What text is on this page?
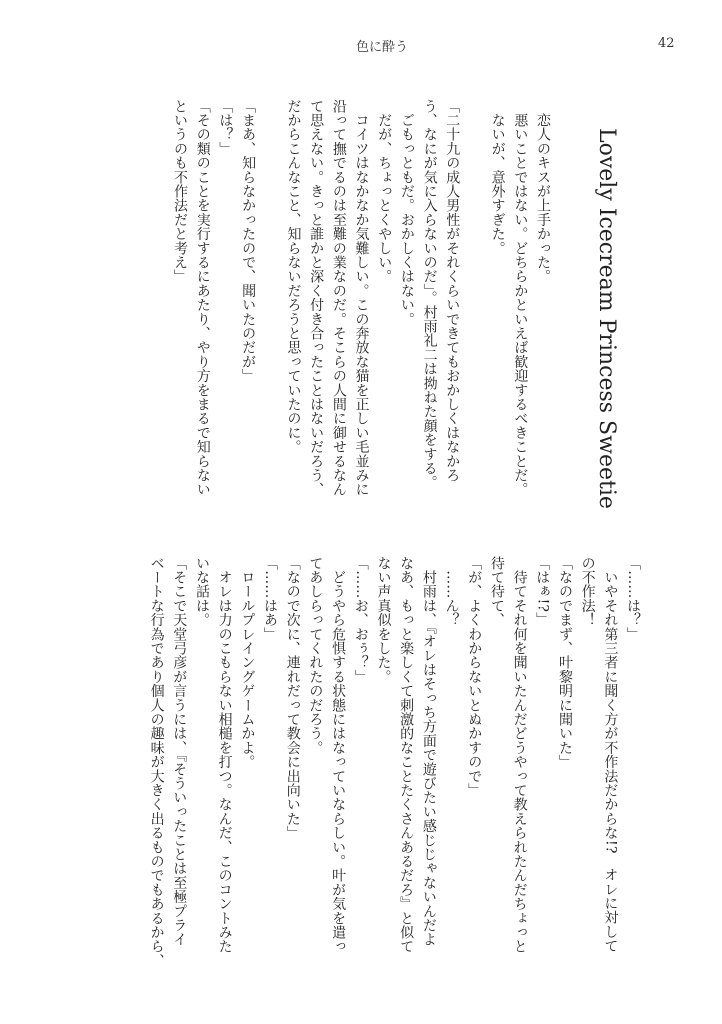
色に酔う	42
Lovely Icecream Princess Sweetie
　恋人のキスが上手かった。
　悪いことではない。どちらかといえば歓迎するべきことだ。
　ないが、意外すぎた。
「二十九の成人男性がそれくらいできてもおかしくはなかろ
う、なにが気に入らないのだ」。村雨礼二は拗ねた顔をする。
　ごもっともだ。おかしくはない。
　だが、ちょっとくやしい。
　コイツはなかなか気難しい。この奔放な猫を正しい毛並みに
沿って撫でるのは至難の業なのだ。そこらの人間に御せるなん
て思えない。きっと誰かと深く付き合ったことはないだろう、
だからこんなこと、知らないだろうと思っていたのに。
「まあ、知らなかったので、聞いたのだが」
「は？」
「その類のことを実行するにあたり、やり方をまるで知らない
というのも不作法だと考え」
「……は？」
　いやそれ第三者に聞く方が不作法だからな!?　オレに対して
の不作法！
「なのでまず、叶黎明に聞いた」
「はぁ!?」
　待てそれ何を聞いたんだどうやって教えられたんだちょっと
待て待て、
「が、よくわからないとぬかすので」
　……ん？
　村雨は、『オレはそっち方面で遊びたい感じじゃないんだよ
なあ、もっと楽しくて刺激的なことたくさんあるだろ』と似て
ない声真似をした。
「……お、おぅ？」
　どうやら危惧する状態にはなっていならしい。叶が気を遣っ
てあしらってくれたのだろう。
「なので次に、連れだって教会に出向いた」
「……はあ」
　ロールプレイングゲームかよ。
　オレは力のこもらない相槌を打つ。なんだ、このコントみた
いな話は。
「そこで天堂弓彦が言うには、『そういったことは至極プライ
ベートな行為であり個人の趣味が大きく出るものでもあるから、
